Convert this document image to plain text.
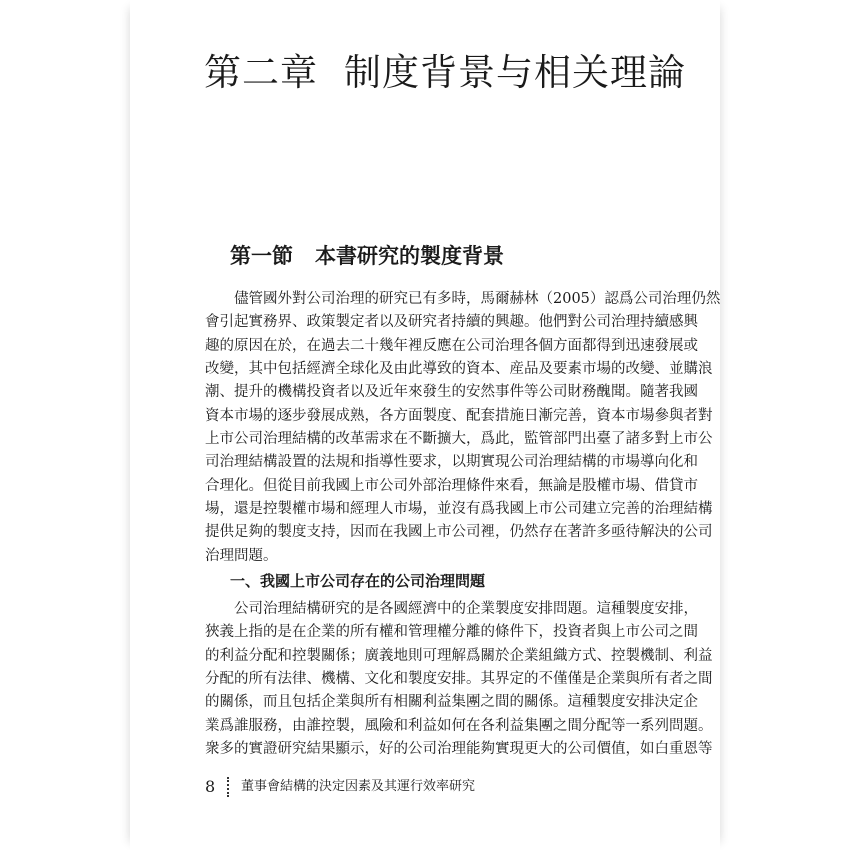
第二章 制度背景与相关理論
第一節 本書研究的製度背景
　　儘管國外對公司治理的研究已有多時，馬爾赫林（2005）認爲公司治理仍然
會引起實務界、政策製定者以及研究者持續的興趣。他們對公司治理持續感興
趣的原因在於，在過去二十幾年裡反應在公司治理各個方面都得到迅速發展或
改變，其中包括經濟全球化及由此導致的資本、産品及要素市場的改變、並購浪
潮、提升的機構投資者以及近年來發生的安然事件等公司財務醜聞。隨著我國
資本市場的逐步發展成熟，各方面製度、配套措施日漸完善，資本市場參與者對
上市公司治理結構的改革需求在不斷擴大，爲此，監管部門出臺了諸多對上市公
司治理結構設置的法規和指導性要求，以期實現公司治理結構的市場導向化和
合理化。但從目前我國上市公司外部治理條件來看，無論是股權市場、借貸市
場，還是控製權市場和經理人市場，並沒有爲我國上市公司建立完善的治理結構
提供足夠的製度支持，因而在我國上市公司裡，仍然存在著許多亟待解決的公司
治理問題。
一、我國上市公司存在的公司治理問題
　　公司治理結構研究的是各國經濟中的企業製度安排問題。這種製度安排，
狹義上指的是在企業的所有權和管理權分離的條件下，投資者與上市公司之間
的利益分配和控製關係；廣義地則可理解爲關於企業組織方式、控製機制、利益
分配的所有法律、機構、文化和製度安排。其界定的不僅僅是企業與所有者之間
的關係，而且包括企業與所有相關利益集團之間的關係。這種製度安排決定企
業爲誰服務，由誰控製，風險和利益如何在各利益集團之間分配等一系列問題。
衆多的實證研究結果顯示，好的公司治理能夠實現更大的公司價值，如白重恩等
8 董事會結構的決定因素及其運行效率研究
